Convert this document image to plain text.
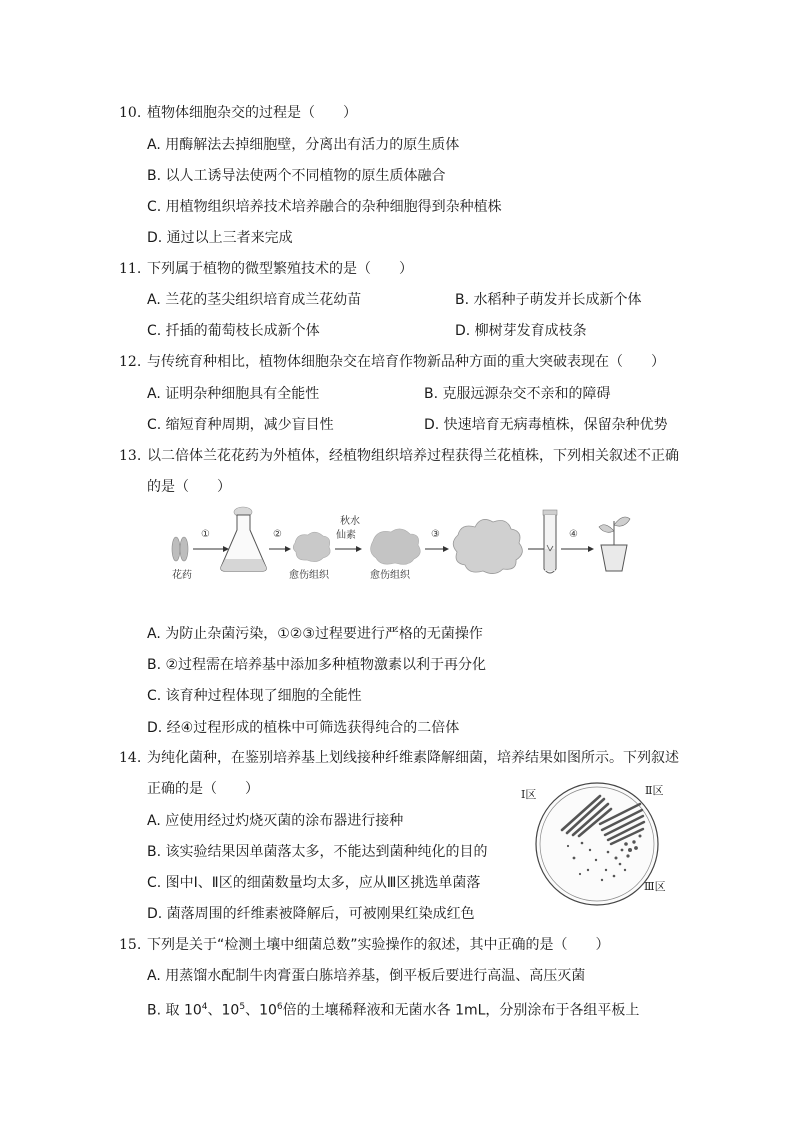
10. 植物体细胞杂交的过程是（　　）
A. 用酶解法去掉细胞壁，分离出有活力的原生质体
B. 以人工诱导法使两个不同植物的原生质体融合
C. 用植物组织培养技术培养融合的杂种细胞得到杂种植株
D. 通过以上三者来完成
11. 下列属于植物的微型繁殖技术的是（　　）
A. 兰花的茎尖组织培育成兰花幼苗	B. 水稻种子萌发并长成新个体
C. 扦插的葡萄枝长成新个体	D. 柳树芽发育成枝条
12. 与传统育种相比，植物体细胞杂交在培育作物新品种方面的重大突破表现在（　　）
A. 证明杂种细胞具有全能性	B. 克服远源杂交不亲和的障碍
C. 缩短育种周期，减少盲目性	D. 快速培育无病毒植株，保留杂种优势
13. 以二倍体兰花花药为外植体，经植物组织培养过程获得兰花植株，下列相关叙述不正确
的是（　　）
①	②
秋水
仙素	③	④
花药	愈伤组织	愈伤组织
A. 为防止杂菌污染，①②③过程要进行严格的无菌操作
B. ②过程需在培养基中添加多种植物激素以利于再分化
C. 该育种过程体现了细胞的全能性
D. 经④过程形成的植株中可筛选获得纯合的二倍体
14. 为纯化菌种，在鉴别培养基上划线接种纤维素降解细菌，培养结果如图所示。下列叙述
正确的是（　　）
A. 应使用经过灼烧灭菌的涂布器进行接种
B. 该实验结果因单菌落太多，不能达到菌种纯化的目的
C. 图中Ⅰ、Ⅱ区的细菌数量均太多，应从Ⅲ区挑选单菌落
D. 菌落周围的纤维素被降解后，可被刚果红染成红色
Ⅰ区	Ⅱ区
Ⅲ区
15. 下列是关于“检测土壤中细菌总数”实验操作的叙述，其中正确的是（　　）
A. 用蒸馏水配制牛肉膏蛋白胨培养基，倒平板后要进行高温、高压灭菌
B. 取 $10^4$、$10^5$、$10^6$倍的土壤稀释液和无菌水各 1mL，分别涂布于各组平板上
